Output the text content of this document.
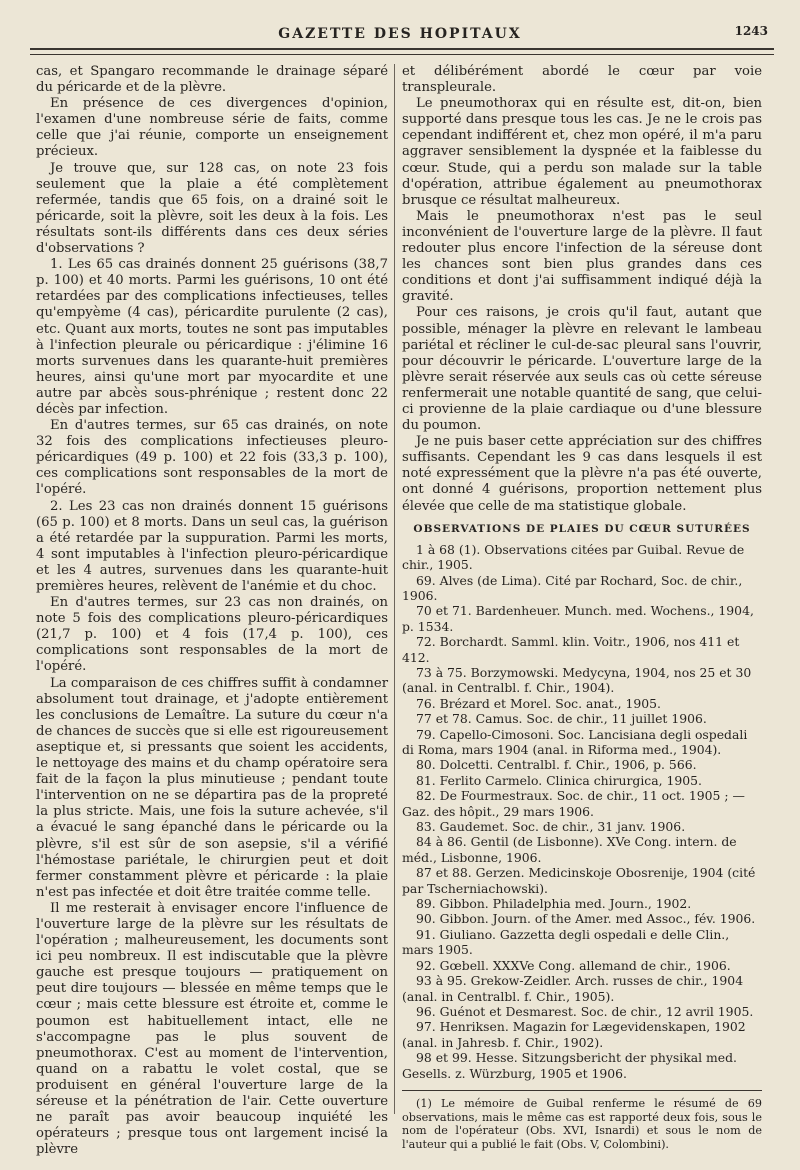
GAZETTE DES HOPITAUX	1243

cas, et Spangaro recommande le drainage séparé du péricarde et de la plèvre.

En présence de ces divergences d'opinion, l'examen d'une nombreuse série de faits, comme celle que j'ai réunie, comporte un enseignement précieux.

Je trouve que, sur 128 cas, on note 23 fois seulement que la plaie a été complètement refermée, tandis que 65 fois, on a drainé soit le péricarde, soit la plèvre, soit les deux à la fois. Les résultats sont-ils différents dans ces deux séries d'observations ?

1. Les 65 cas drainés donnent 25 guérisons (38,7 p. 100) et 40 morts. Parmi les guérisons, 10 ont été retardées par des complications infectieuses, telles qu'empyème (4 cas), péricardite purulente (2 cas), etc. Quant aux morts, toutes ne sont pas imputables à l'infection pleurale ou péricardique : j'élimine 16 morts survenues dans les quarante-huit premières heures, ainsi qu'une mort par myocardite et une autre par abcès sous-phrénique ; restent donc 22 décès par infection.

En d'autres termes, sur 65 cas drainés, on note 32 fois des complications infectieuses pleuro-péricardiques (49 p. 100) et 22 fois (33,3 p. 100), ces complications sont responsables de la mort de l'opéré.

2. Les 23 cas non drainés donnent 15 guérisons (65 p. 100) et 8 morts. Dans un seul cas, la guérison a été retardée par la suppuration. Parmi les morts, 4 sont imputables à l'infection pleuro-péricardique et les 4 autres, survenues dans les quarante-huit premières heures, relèvent de l'anémie et du choc.

En d'autres termes, sur 23 cas non drainés, on note 5 fois des complications pleuro-péricardiques (21,7 p. 100) et 4 fois (17,4 p. 100), ces complications sont responsables de la mort de l'opéré.

La comparaison de ces chiffres suffit à condamner absolument tout drainage, et j'adopte entièrement les conclusions de Lemaître. La suture du cœur n'a de chances de succès que si elle est rigoureusement aseptique et, si pressants que soient les accidents, le nettoyage des mains et du champ opératoire sera fait de la façon la plus minutieuse ; pendant toute l'intervention on ne se départira pas de la propreté la plus stricte. Mais, une fois la suture achevée, s'il a évacué le sang épanché dans le péricarde ou la plèvre, s'il est sûr de son asepsie, s'il a vérifié l'hémostase pariétale, le chirurgien peut et doit fermer constamment plèvre et péricarde : la plaie n'est pas infectée et doit être traitée comme telle.

Il me resterait à envisager encore l'influence de l'ouverture large de la plèvre sur les résultats de l'opération ; malheureusement, les documents sont ici peu nombreux. Il est indiscutable que la plèvre gauche est presque toujours — pratiquement on peut dire toujours — blessée en même temps que le cœur ; mais cette blessure est étroite et, comme le poumon est habituellement intact, elle ne s'accompagne pas le plus souvent de pneumothorax. C'est au moment de l'intervention, quand on a rabattu le volet costal, que se produisent en général l'ouverture large de la séreuse et la pénétration de l'air. Cette ouverture ne paraît pas avoir beaucoup inquiété les opérateurs ; presque tous ont largement incisé la plèvre

et délibérément abordé le cœur par voie transpleurale.

Le pneumothorax qui en résulte est, dit-on, bien supporté dans presque tous les cas. Je ne le crois pas cependant indifférent et, chez mon opéré, il m'a paru aggraver sensiblement la dyspnée et la faiblesse du cœur. Stude, qui a perdu son malade sur la table d'opération, attribue également au pneumothorax brusque ce résultat malheureux.

Mais le pneumothorax n'est pas le seul inconvénient de l'ouverture large de la plèvre. Il faut redouter plus encore l'infection de la séreuse dont les chances sont bien plus grandes dans ces conditions et dont j'ai suffisamment indiqué déjà la gravité.

Pour ces raisons, je crois qu'il faut, autant que possible, ménager la plèvre en relevant le lambeau pariétal et récliner le cul-de-sac pleural sans l'ouvrir, pour découvrir le péricarde. L'ouverture large de la plèvre serait réservée aux seuls cas où cette séreuse renfermerait une notable quantité de sang, que celui-ci provienne de la plaie cardiaque ou d'une blessure du poumon.

Je ne puis baser cette appréciation sur des chiffres suffisants. Cependant les 9 cas dans lesquels il est noté expressément que la plèvre n'a pas été ouverte, ont donné 4 guérisons, proportion nettement plus élevée que celle de ma statistique globale.

OBSERVATIONS DE PLAIES DU CŒUR SUTURÉES

1 à 68 (1). Observations citées par Guibal. Revue de chir., 1905.

69. Alves (de Lima). Cité par Rochard, Soc. de chir., 1906.

70 et 71. Bardenheuer. Munch. med. Wochens., 1904, p. 1534.

72. Borchardt. Samml. klin. Voitr., 1906, nos 411 et 412.

73 à 75. Borzymowski. Medycyna, 1904, nos 25 et 30 (anal. in Centralbl. f. Chir., 1904).

76. Brézard et Morel. Soc. anat., 1905.

77 et 78. Camus. Soc. de chir., 11 juillet 1906.

79. Capello-Cimosoni. Soc. Lancisiana degli ospedali di Roma, mars 1904 (anal. in Riforma med., 1904).

80. Dolcetti. Centralbl. f. Chir., 1906, p. 566.

81. Ferlito Carmelo. Clinica chirurgica, 1905.

82. De Fourmestraux. Soc. de chir., 11 oct. 1905 ; — Gaz. des hôpit., 29 mars 1906.

83. Gaudemet. Soc. de chir., 31 janv. 1906.

84 à 86. Gentil (de Lisbonne). XVe Cong. intern. de méd., Lisbonne, 1906.

87 et 88. Gerzen. Medicinskoje Obosrenije, 1904 (cité par Tscherniachowski).

89. Gibbon. Philadelphia med. Journ., 1902.

90. Gibbon. Journ. of the Amer. med Assoc., fév. 1906.

91. Giuliano. Gazzetta degli ospedali e delle Clin., mars 1905.

92. Gœbell. XXXVe Cong. allemand de chir., 1906.

93 à 95. Grekow-Zeidler. Arch. russes de chir., 1904 (anal. in Centralbl. f. Chir., 1905).

96. Guénot et Desmarest. Soc. de chir., 12 avril 1905.

97. Henriksen. Magazin for Lægevidenskapen, 1902 (anal. in Jahresb. f. Chir., 1902).

98 et 99. Hesse. Sitzungsbericht der physikal med. Gesells. z. Würzburg, 1905 et 1906.

(1) Le mémoire de Guibal renferme le résumé de 69 observations, mais le même cas est rapporté deux fois, sous le nom de l'opérateur (Obs. XVI, Isnardi) et sous le nom de l'auteur qui a publié le fait (Obs. V, Colombini).
